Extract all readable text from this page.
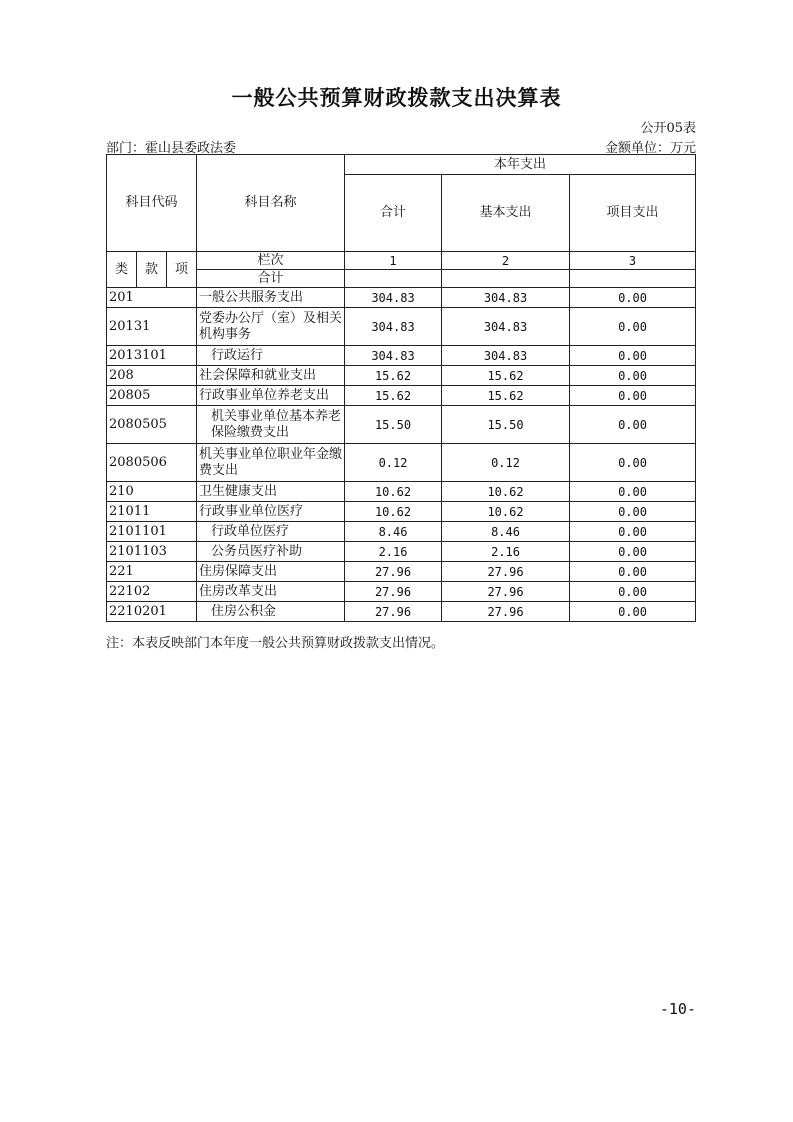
一般公共预算财政拨款支出决算表
公开05表
部门：霍山县委政法委	金额单位：万元
科目代码			科目名称	本年支出		
				合计	基本支出	项目支出
类	款	项	栏次	1	2	3
			合计			
201			一般公共服务支出	304.83	304.83	0.00
20131			党委办公厅（室）及相关机构事务	304.83	304.83	0.00
2013101			行政运行	304.83	304.83	0.00
208			社会保障和就业支出	15.62	15.62	0.00
20805			行政事业单位养老支出	15.62	15.62	0.00
2080505			机关事业单位基本养老保险缴费支出	15.50	15.50	0.00
2080506			机关事业单位职业年金缴费支出	0.12	0.12	0.00
210			卫生健康支出	10.62	10.62	0.00
21011			行政事业单位医疗	10.62	10.62	0.00
2101101			行政单位医疗	8.46	8.46	0.00
2101103			公务员医疗补助	2.16	2.16	0.00
221			住房保障支出	27.96	27.96	0.00
22102			住房改革支出	27.96	27.96	0.00
2210201			住房公积金	27.96	27.96	0.00
注：本表反映部门本年度一般公共预算财政拨款支出情况。
-10-
